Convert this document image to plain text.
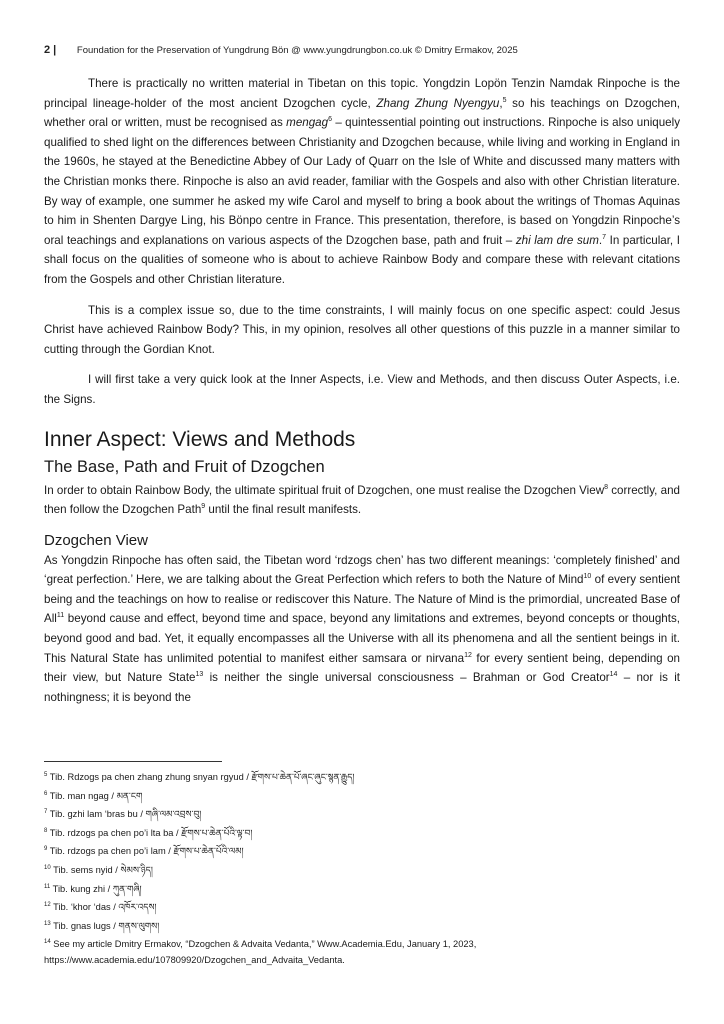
2 | Foundation for the Preservation of Yungdrung Bön @ www.yungdrungbon.co.uk © Dmitry Ermakov, 2025

There is practically no written material in Tibetan on this topic. Yongdzin Lopön Tenzin Namdak Rinpoche is the principal lineage-holder of the most ancient Dzogchen cycle, Zhang Zhung Nyengyu,$^5$ so his teachings on Dzogchen, whether oral or written, must be recognised as mengag$^6$ – quintessential pointing out instructions. Rinpoche is also uniquely qualified to shed light on the differences between Christianity and Dzogchen because, while living and working in England in the 1960s, he stayed at the Benedictine Abbey of Our Lady of Quarr on the Isle of White and discussed many matters with the Christian monks there. Rinpoche is also an avid reader, familiar with the Gospels and also with other Christian literature. By way of example, one summer he asked my wife Carol and myself to bring a book about the writings of Thomas Aquinas to him in Shenten Dargye Ling, his Bönpo centre in France. This presentation, therefore, is based on Yongdzin Rinpoche’s oral teachings and explanations on various aspects of the Dzogchen base, path and fruit – zhi lam dre sum.$^7$ In particular, I shall focus on the qualities of someone who is about to achieve Rainbow Body and compare these with relevant citations from the Gospels and other Christian literature.

This is a complex issue so, due to the time constraints, I will mainly focus on one specific aspect: could Jesus Christ have achieved Rainbow Body? This, in my opinion, resolves all other questions of this puzzle in a manner similar to cutting through the Gordian Knot.

I will first take a very quick look at the Inner Aspects, i.e. View and Methods, and then discuss Outer Aspects, i.e. the Signs.

Inner Aspect: Views and Methods
The Base, Path and Fruit of Dzogchen

In order to obtain Rainbow Body, the ultimate spiritual fruit of Dzogchen, one must realise the Dzogchen View$^8$ correctly, and then follow the Dzogchen Path$^9$ until the final result manifests.

Dzogchen View

As Yongdzin Rinpoche has often said, the Tibetan word ‘rdzogs chen’ has two different meanings: ‘completely finished’ and ‘great perfection.’ Here, we are talking about the Great Perfection which refers to both the Nature of Mind$^{10}$ of every sentient being and the teachings on how to realise or rediscover this Nature. The Nature of Mind is the primordial, uncreated Base of All$^{11}$ beyond cause and effect, beyond time and space, beyond any limitations and extremes, beyond concepts or thoughts, beyond good and bad. Yet, it equally encompasses all the Universe with all its phenomena and all the sentient beings in it. This Natural State has unlimited potential to manifest either samsara or nirvana$^{12}$ for every sentient being, depending on their view, but Nature State$^{13}$ is neither the single universal consciousness – Brahman or God Creator$^{14}$ – nor is it nothingness; it is beyond the

$^5$ Tib. Rdzogs pa chen zhang zhung snyan rgyud / རྫོགས་པ་ཆེན་པོ་ཞང་ཞུང་སྙན་རྒྱུད།

$^6$ Tib. man ngag / མན་ངག

$^7$ Tib. gzhi lam ‘bras bu / གཞི་ལམ་འབྲས་བུ།

$^8$ Tib. rdzogs pa chen po’i lta ba / རྫོགས་པ་ཆེན་པོའི་ལྟ་བ།

$^9$ Tib. rdzogs pa chen po’i lam / རྫོགས་པ་ཆེན་པོའི་ལམ།

$^{10}$ Tib. sems nyid / སེམས་ཉིད།

$^{11}$ Tib. kung zhi / ཀུན་གཞི།

$^{12}$ Tib. ‘khor ‘das / འཁོར་འདས།

$^{13}$ Tib. gnas lugs / གནས་ལུགས།

$^{14}$ See my article Dmitry Ermakov, “Dzogchen & Advaita Vedanta,” Www.Academia.Edu, January 1, 2023,
https://www.academia.edu/107809920/Dzogchen_and_Advaita_Vedanta.
